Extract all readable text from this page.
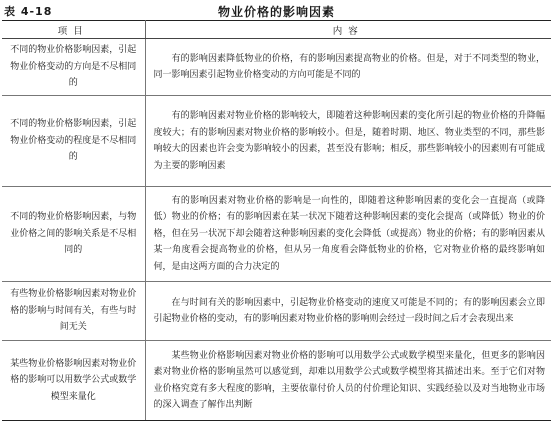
表 4-18	物业价格的影响因素
项目	内容
不同的物业价格影响因素，引起物业价格变动的方向是不尽相同的	有的影响因素降低物业的价格，有的影响因素提高物业的价格。但是，对于不同类型的物业，同一影响因素引起物业价格变动的方向可能是不同的
不同的物业价格影响因素，引起物业价格变动的程度是不尽相同的	有的影响因素对物业价格的影响较大，即随着这种影响因素的变化所引起的物业价格的升降幅度较大；有的影响因素对物业价格的影响较小。但是，随着时期、地区、物业类型的不同，那些影响较大的因素也许会变为影响较小的因素，甚至没有影响；相反，那些影响较小的因素则有可能成为主要的影响因素
不同的物业价格影响因素，与物业价格之间的影响关系是不尽相同的	有的影响因素对物业价格的影响是一向性的，即随着这种影响因素的变化会一直提高（或降低）物业的价格；有的影响因素在某一状况下随着这种影响因素的变化会提高（或降低）物业的价格，但在另一状况下却会随着这种影响因素的变化会降低（或提高）物业的价格；有的影响因素从某一角度看会提高物业的价格，但从另一角度看会降低物业的价格，它对物业价格的最终影响如何，是由这两方面的合力决定的
有些物业价格影响因素对物业价格的影响与时间有关，有些与时间无关	在与时间有关的影响因素中，引起物业价格变动的速度又可能是不同的；有的影响因素会立即引起物业价格的变动，有的影响因素对物业价格的影响则会经过一段时间之后才会表现出来
某些物业价格影响因素对物业价格的影响可以用数学公式或数学模型来量化	某些物业价格影响因素对物业价格的影响可以用数学公式或数学模型来量化，但更多的影响因素对物业价格的影响虽然可以感觉到，却难以用数学公式或数学模型将其描述出来。至于它们对物业价格究竟有多大程度的影响，主要依靠付价人员的付价理论知识、实践经验以及对当地物业市场的深入调查了解作出判断
